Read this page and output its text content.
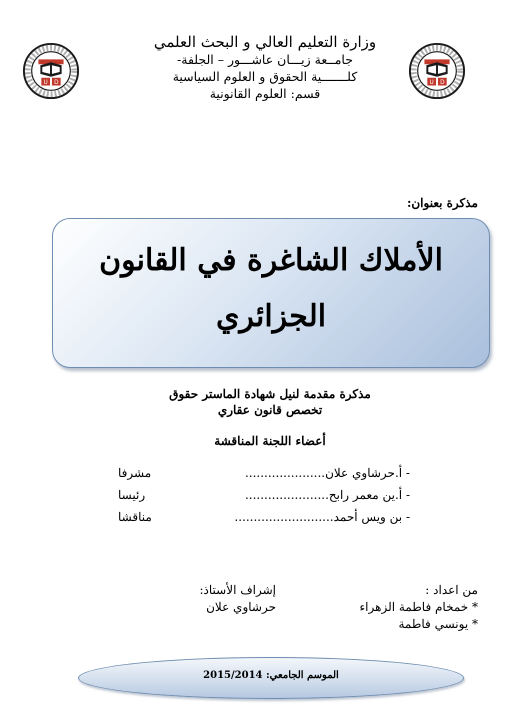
U D	U D
وزارة التعليم العالي و البحث العلمي
جامــعة زيـــان عاشـــور – الجلفة-
كلـــــــية الحقوق و العلوم السياسية
قسم: العلوم القانونية
مذكرة بعنوان:
الأملاك الشاغرة في القانون
الجزائري
مذكرة مقدمة لنيل شهادة الماستر حقوق
تخصص قانون عقاري
أعضاء اللجنة المناقشة
- أ.حرشاوي علان.....................
مشرفا
- أ.ين معمر رابح......................
رئيسا
- بن ويس أحمد..........................
مناقشا
من اعداد :
* خمخام فاطمة الزهراء
* يونسي فاطمة
إشراف الأستاذ:
حرشاوي علان
الموسم الجامعي: 2015/2014
